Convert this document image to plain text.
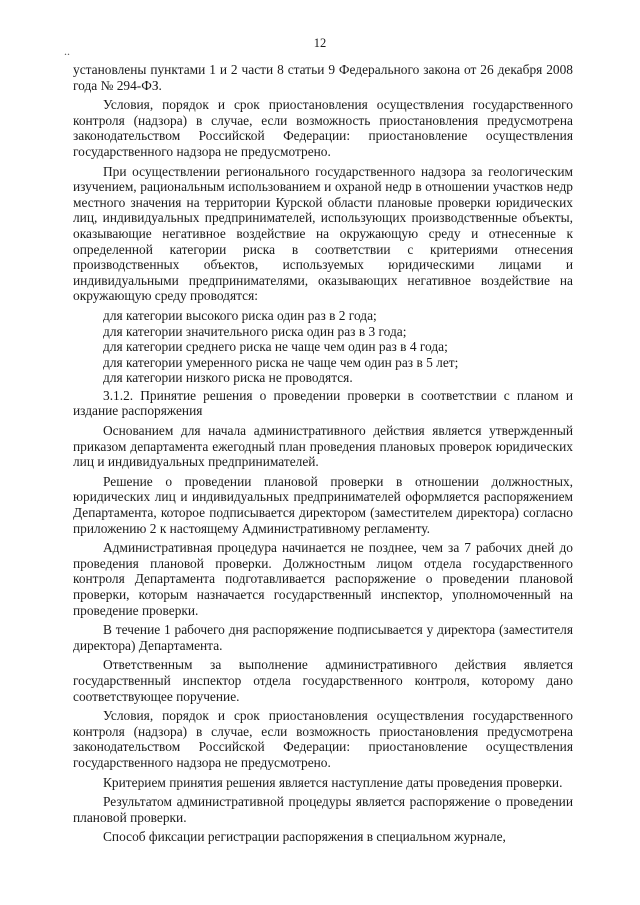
12
..

установлены пунктами 1 и 2 части 8 статьи 9 Федерального закона от 26 декабря 2008 года № 294-ФЗ.

Условия, порядок и срок приостановления осуществления государственного контроля (надзора) в случае, если возможность приостановления предусмотрена законодательством Российской Федерации: приостановление осуществления государственного надзора не предусмотрено.

При осуществлении регионального государственного надзора за геологическим изучением, рациональным использованием и охраной недр в отношении участков недр местного значения на территории Курской области плановые проверки юридических лиц, индивидуальных предпринимателей, использующих производственные объекты, оказывающие негативное воздействие на окружающую среду и отнесенные к определенной категории риска в соответствии с критериями отнесения производственных объектов, используемых юридическими лицами и индивидуальными предпринимателями, оказывающих негативное воздействие на окружающую среду проводятся:

для категории высокого риска один раз в 2 года;
для категории значительного риска один раз в 3 года;
для категории среднего риска не чаще чем один раз в 4 года;
для категории умеренного риска не чаще чем один раз в 5 лет;
для категории низкого риска не проводятся.

3.1.2. Принятие решения о проведении проверки в соответствии с планом и издание распоряжения

Основанием для начала административного действия является утвержденный приказом департамента ежегодный план проведения плановых проверок юридических лиц и индивидуальных предпринимателей.

Решение о проведении плановой проверки в отношении должностных, юридических лиц и индивидуальных предпринимателей оформляется распоряжением Департамента, которое подписывается директором (заместителем директора) согласно приложению 2 к настоящему Административному регламенту.

Административная процедура начинается не позднее, чем за 7 рабочих дней до проведения плановой проверки. Должностным лицом отдела государственного контроля Департамента подготавливается распоряжение о проведении плановой проверки, которым назначается государственный инспектор, уполномоченный на проведение проверки.

В течение 1 рабочего дня распоряжение подписывается у директора (заместителя директора) Департамента.

Ответственным за выполнение административного действия является государственный инспектор отдела государственного контроля, которому дано соответствующее поручение.

Условия, порядок и срок приостановления осуществления государственного контроля (надзора) в случае, если возможность приостановления предусмотрена законодательством Российской Федерации: приостановление осуществления государственного надзора не предусмотрено.

Критерием принятия решения является наступление даты проведения проверки.

Результатом административной процедуры является распоряжение о проведении плановой проверки.

Способ фиксации регистрации распоряжения в специальном журнале,
